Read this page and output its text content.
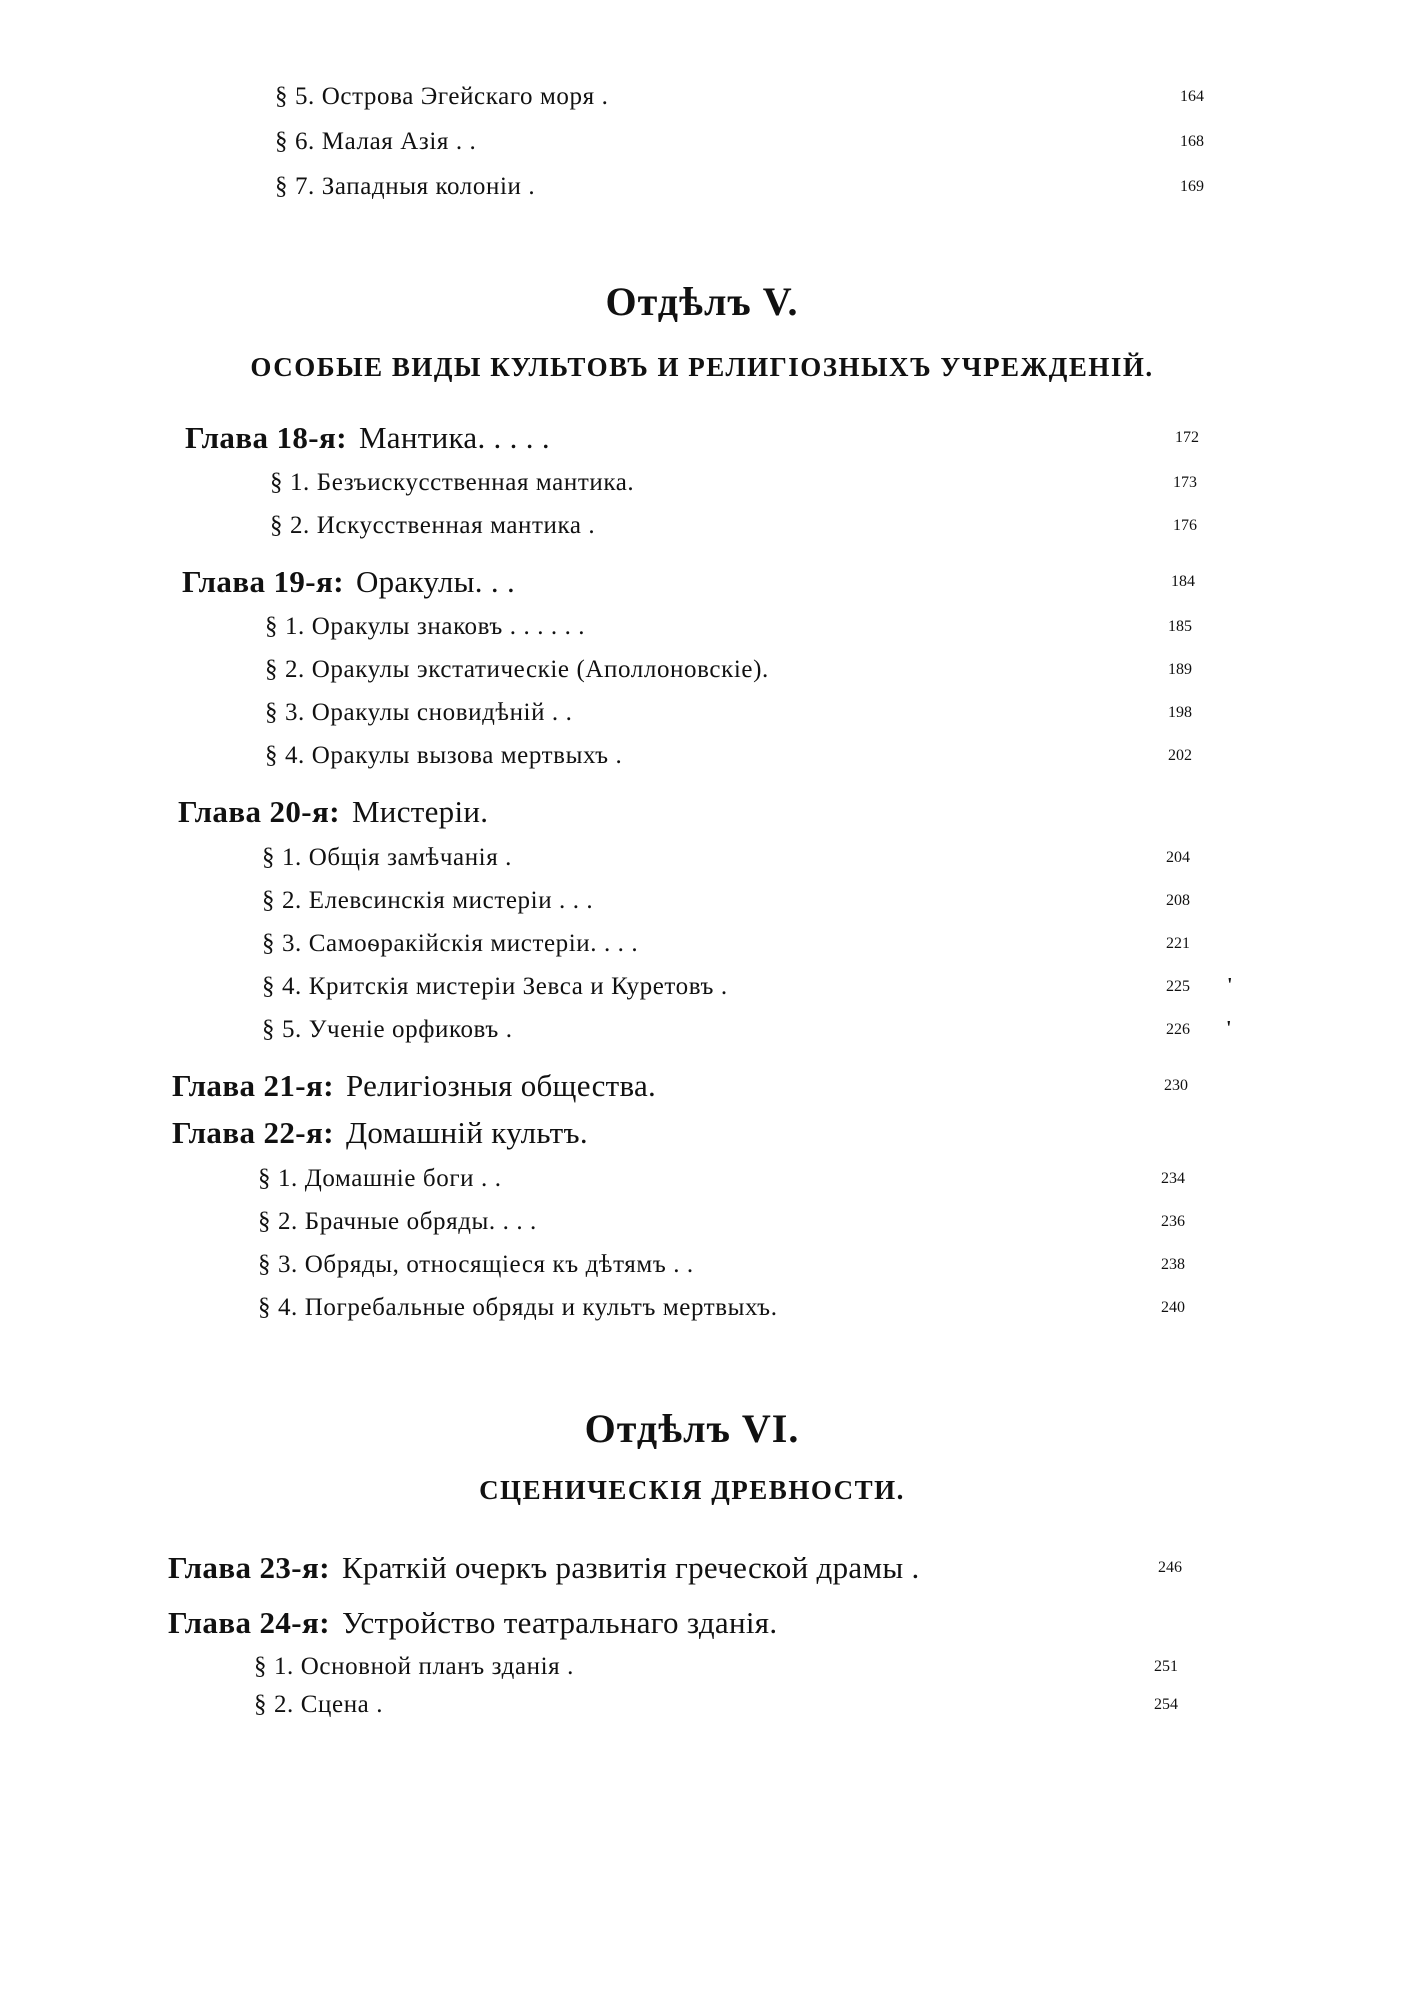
§ 5. Острова Эгейскаго моря .	164
§ 6. Малая Азія . .	168
§ 7. Западныя колоніи .	169
Отдѣлъ V.
ОСОБЫЕ ВИДЫ КУЛЬТОВЪ И РЕЛИГІОЗНЫХЪ УЧРЕЖДЕНІЙ.
Глава 18-я: Мантика. . . . .	172
§ 1. Безъискусственная мантика.	173
§ 2. Искусственная мантика .	176
Глава 19-я: Оракулы. . .	184
§ 1. Оракулы знаковъ . . . . . .	185
§ 2. Оракулы экстатическіе (Аполлоновскіе).	189
§ 3. Оракулы сновидѣній . .	198
§ 4. Оракулы вызова мертвыхъ .	202
Глава 20-я: Мистеріи.
§ 1. Общія замѣчанія .	204
§ 2. Елевсинскія мистеріи . . .	208
§ 3. Самоѳракійскія мистеріи. . . .	221
§ 4. Критскія мистеріи Зевса и Куретовъ .	225 '
§ 5. Ученіе орфиковъ .	226 '
Глава 21-я: Религіозныя общества.	230
Глава 22-я: Домашній культъ.
§ 1. Домашніе боги . .	234
§ 2. Брачные обряды. . . .	236
§ 3. Обряды, относящіеся къ дѣтямъ . .	238
§ 4. Погребальные обряды и культъ мертвыхъ.	240
Отдѣлъ VI.
СЦЕНИЧЕСКІЯ ДРЕВНОСТИ.
Глава 23-я: Краткій очеркъ развитія греческой драмы .	246
Глава 24-я: Устройство театральнаго зданія.
§ 1. Основной планъ зданія .	251
§ 2. Сцена .	254
